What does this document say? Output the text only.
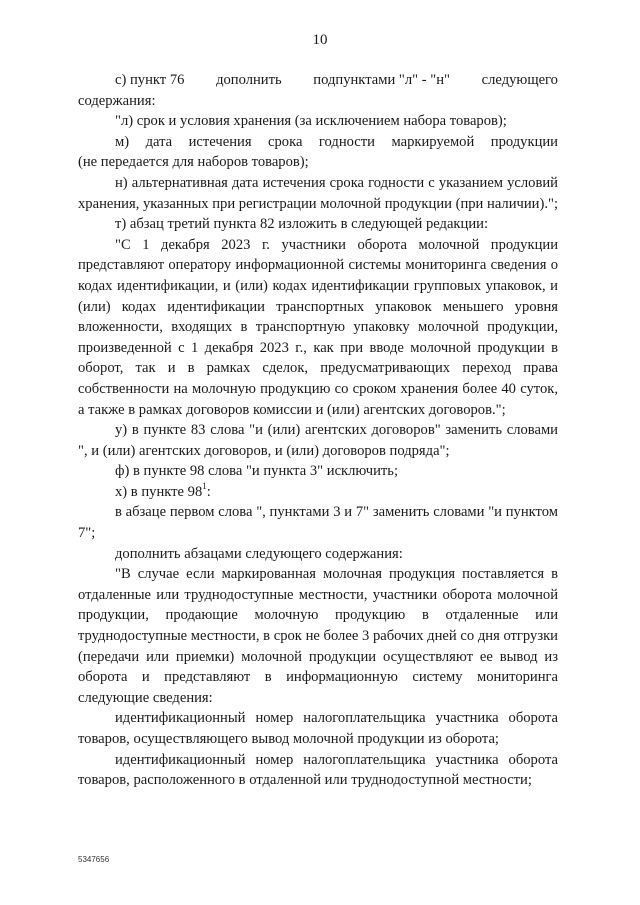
10
с) пункт 76 дополнить подпунктами "л" - "н" следующего

содержания:

"л) срок и условия хранения (за исключением набора товаров);

м) дата истечения срока годности маркируемой продукции

(не передается для наборов товаров);

н) альтернативная дата истечения срока годности с указанием условий хранения, указанных при регистрации молочной продукции (при наличии).";

т) абзац третий пункта 82 изложить в следующей редакции:

"С 1 декабря 2023 г. участники оборота молочной продукции представляют оператору информационной системы мониторинга сведения о кодах идентификации, и (или) кодах идентификации групповых упаковок, и (или) кодах идентификации транспортных упаковок меньшего уровня вложенности, входящих в транспортную упаковку молочной продукции, произведенной с 1 декабря 2023 г., как при вводе молочной продукции в оборот, так и в рамках сделок, предусматривающих переход права собственности на молочную продукцию со сроком хранения более 40 суток, а также в рамках договоров комиссии и (или) агентских договоров.";

у) в пункте 83 слова "и (или) агентских договоров" заменить словами ", и (или) агентских договоров, и (или) договоров подряда";

ф) в пункте 98 слова "и пункта 3" исключить;

х) в пункте $98^1$:

в абзаце первом слова ", пунктами 3 и 7" заменить словами "и пунктом 7";

дополнить абзацами следующего содержания:

"В случае если маркированная молочная продукция поставляется в отдаленные или труднодоступные местности, участники оборота молочной продукции, продающие молочную продукцию в отдаленные или труднодоступные местности, в срок не более 3 рабочих дней со дня отгрузки (передачи или приемки) молочной продукции осуществляют ее вывод из оборота и представляют в информационную систему мониторинга следующие сведения:

идентификационный номер налогоплательщика участника оборота товаров, осуществляющего вывод молочной продукции из оборота;

идентификационный номер налогоплательщика участника оборота товаров, расположенного в отдаленной или труднодоступной местности;

5347656
